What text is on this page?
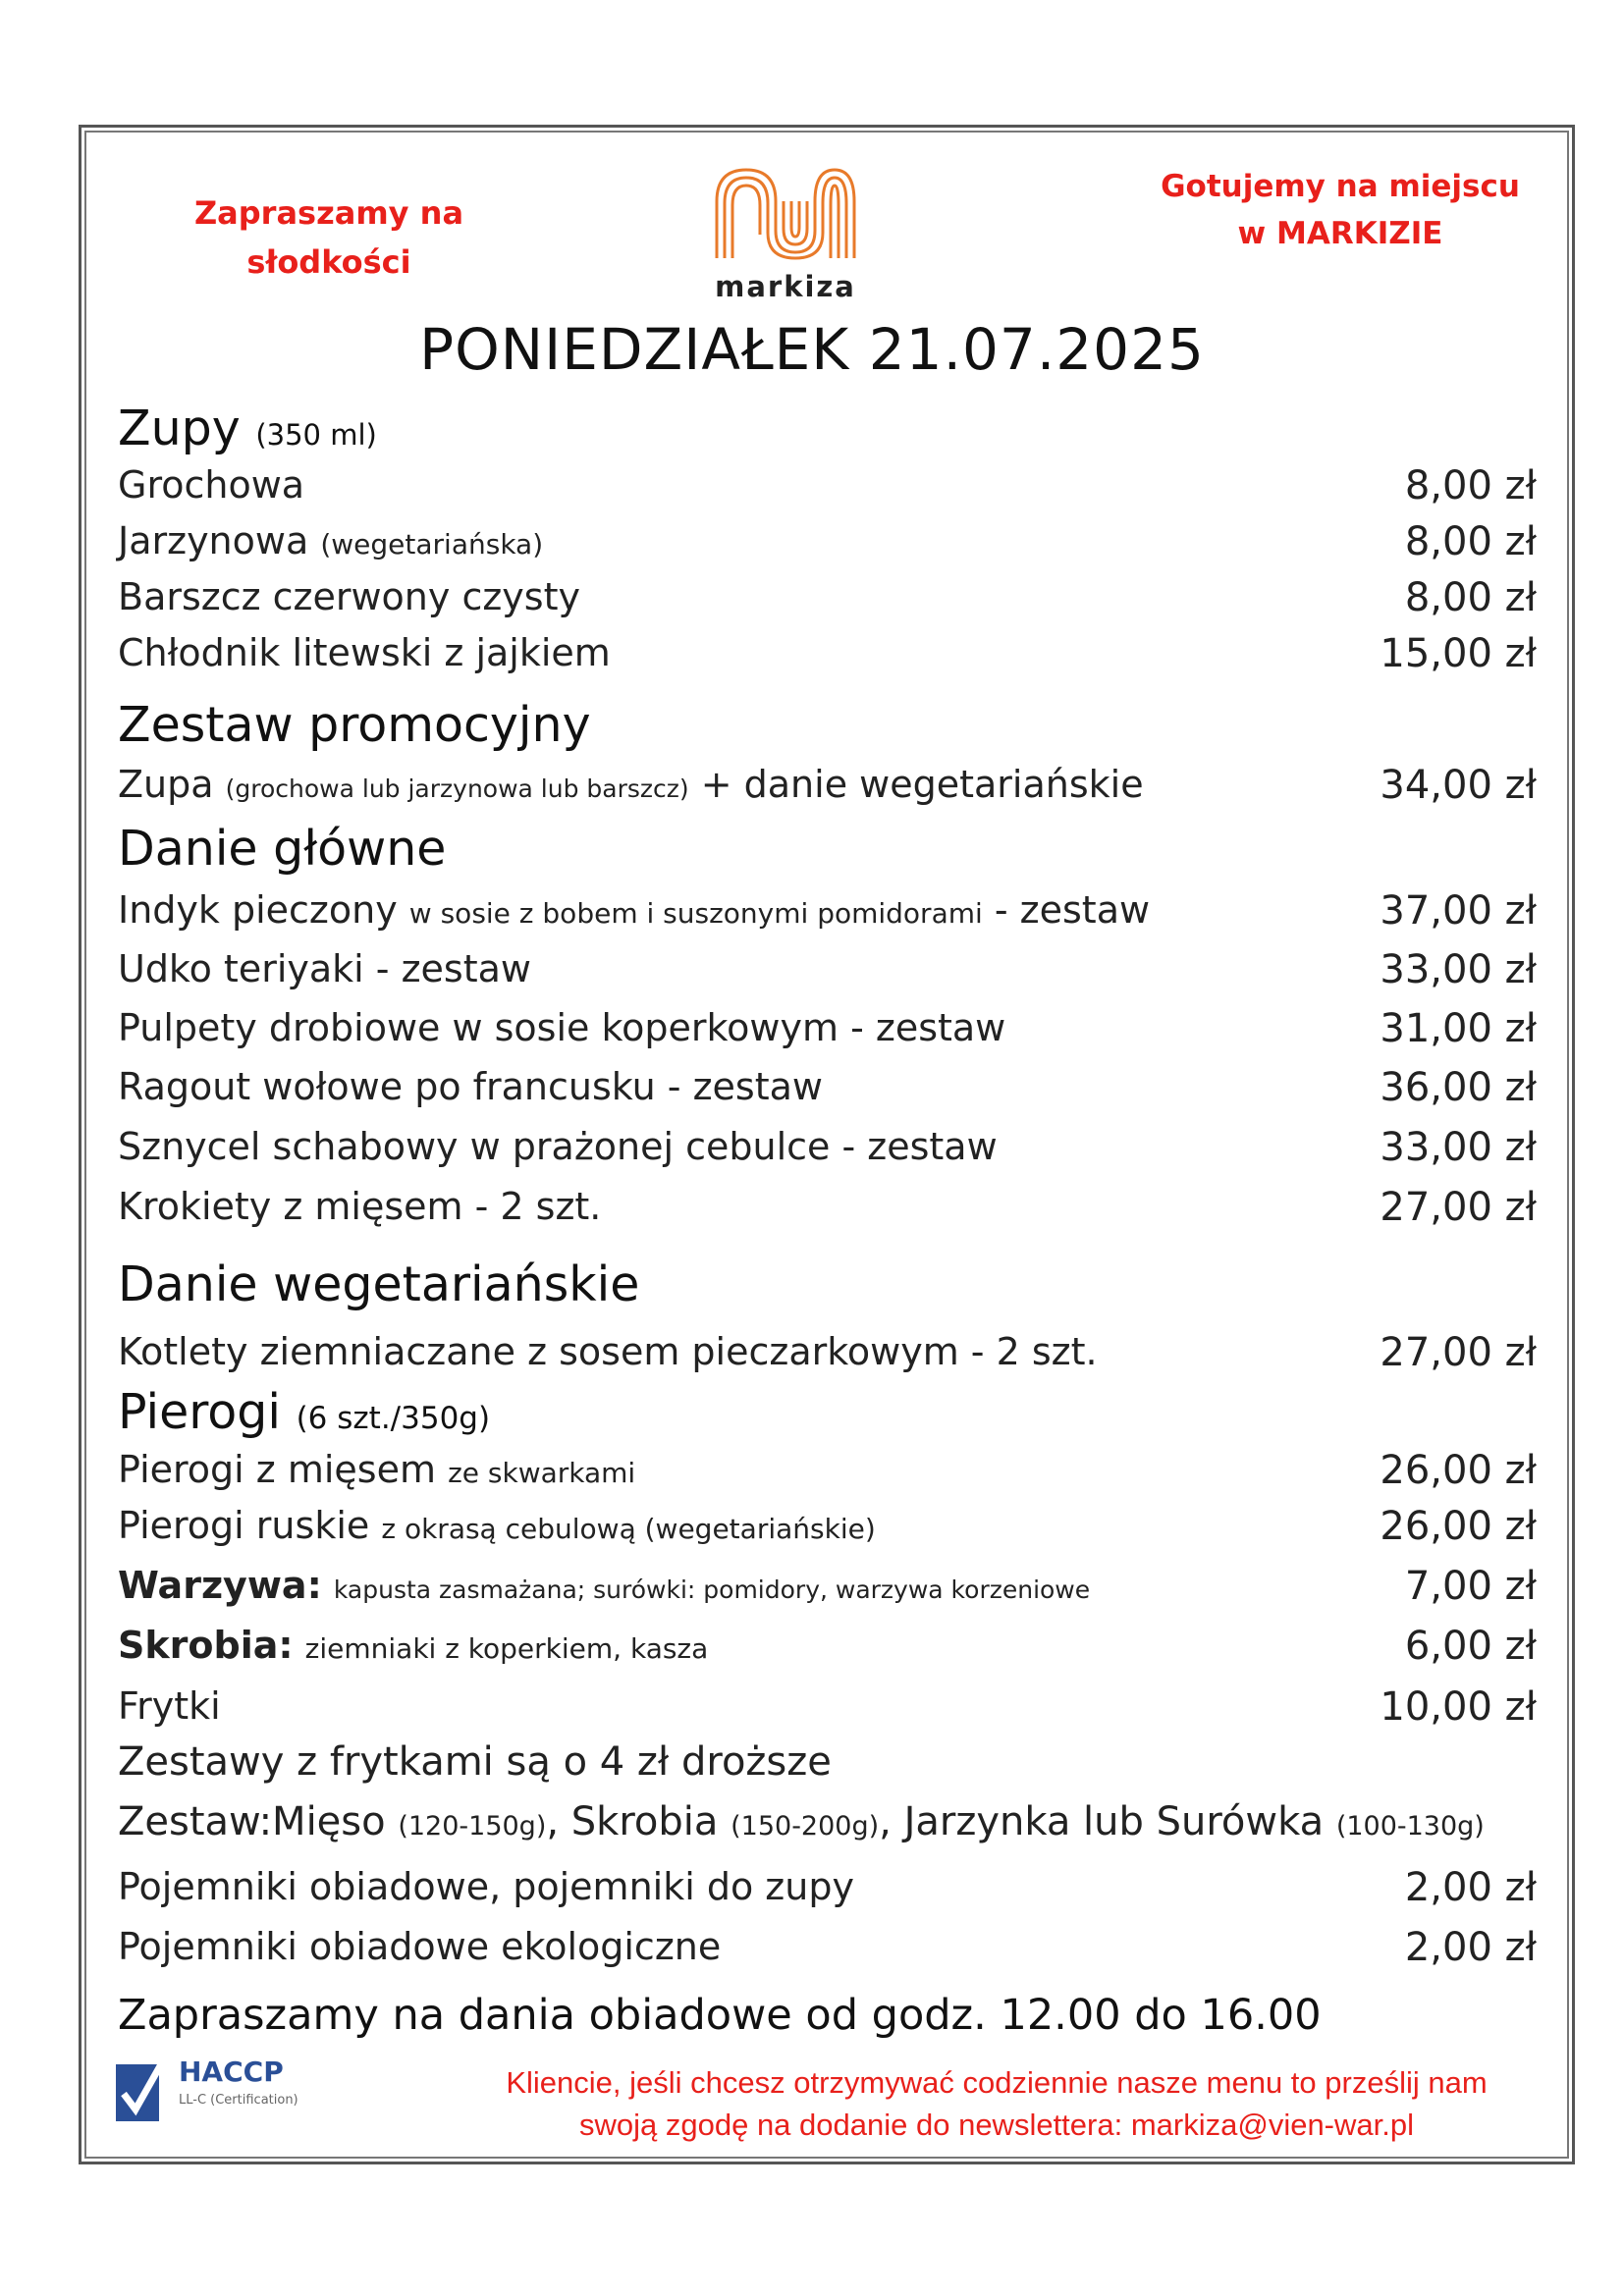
Zapraszamy na
słodkości
markiza
Gotujemy na miejscu
w MARKIZIE
PONIEDZIAŁEK 21.07.2025
Zupy (350 ml)
Grochowa	8,00 zł
Jarzynowa (wegetariańska)	8,00 zł
Barszcz czerwony czysty	8,00 zł
Chłodnik litewski z jajkiem	15,00 zł
Zestaw promocyjny
Zupa (grochowa lub jarzynowa lub barszcz) + danie wegetariańskie	34,00 zł
Danie główne
Indyk pieczony w sosie z bobem i suszonymi pomidorami - zestaw	37,00 zł
Udko teriyaki - zestaw	33,00 zł
Pulpety drobiowe w sosie koperkowym - zestaw	31,00 zł
Ragout wołowe po francusku - zestaw	36,00 zł
Sznycel schabowy w prażonej cebulce - zestaw	33,00 zł
Krokiety z mięsem - 2 szt.	27,00 zł
Danie wegetariańskie
Kotlety ziemniaczane z sosem pieczarkowym - 2 szt.	27,00 zł
Pierogi (6 szt./350g)
Pierogi z mięsem ze skwarkami	26,00 zł
Pierogi ruskie z okrasą cebulową (wegetariańskie)	26,00 zł
Warzywa: kapusta zasmażana; surówki: pomidory, warzywa korzeniowe	7,00 zł
Skrobia: ziemniaki z koperkiem, kasza	6,00 zł
Frytki	10,00 zł
Zestawy z frytkami są o 4 zł droższe
Zestaw:Mięso (120-150g), Skrobia (150-200g), Jarzynka lub Surówka (100-130g)
Pojemniki obiadowe, pojemniki do zupy	2,00 zł
Pojemniki obiadowe ekologiczne	2,00 zł
Zapraszamy na dania obiadowe od godz. 12.00 do 16.00
HACCP
LL-C (Certification)
Kliencie, jeśli chcesz otrzymywać codziennie nasze menu to prześlij nam
swoją zgodę na dodanie do newslettera: markiza@vien-war.pl
